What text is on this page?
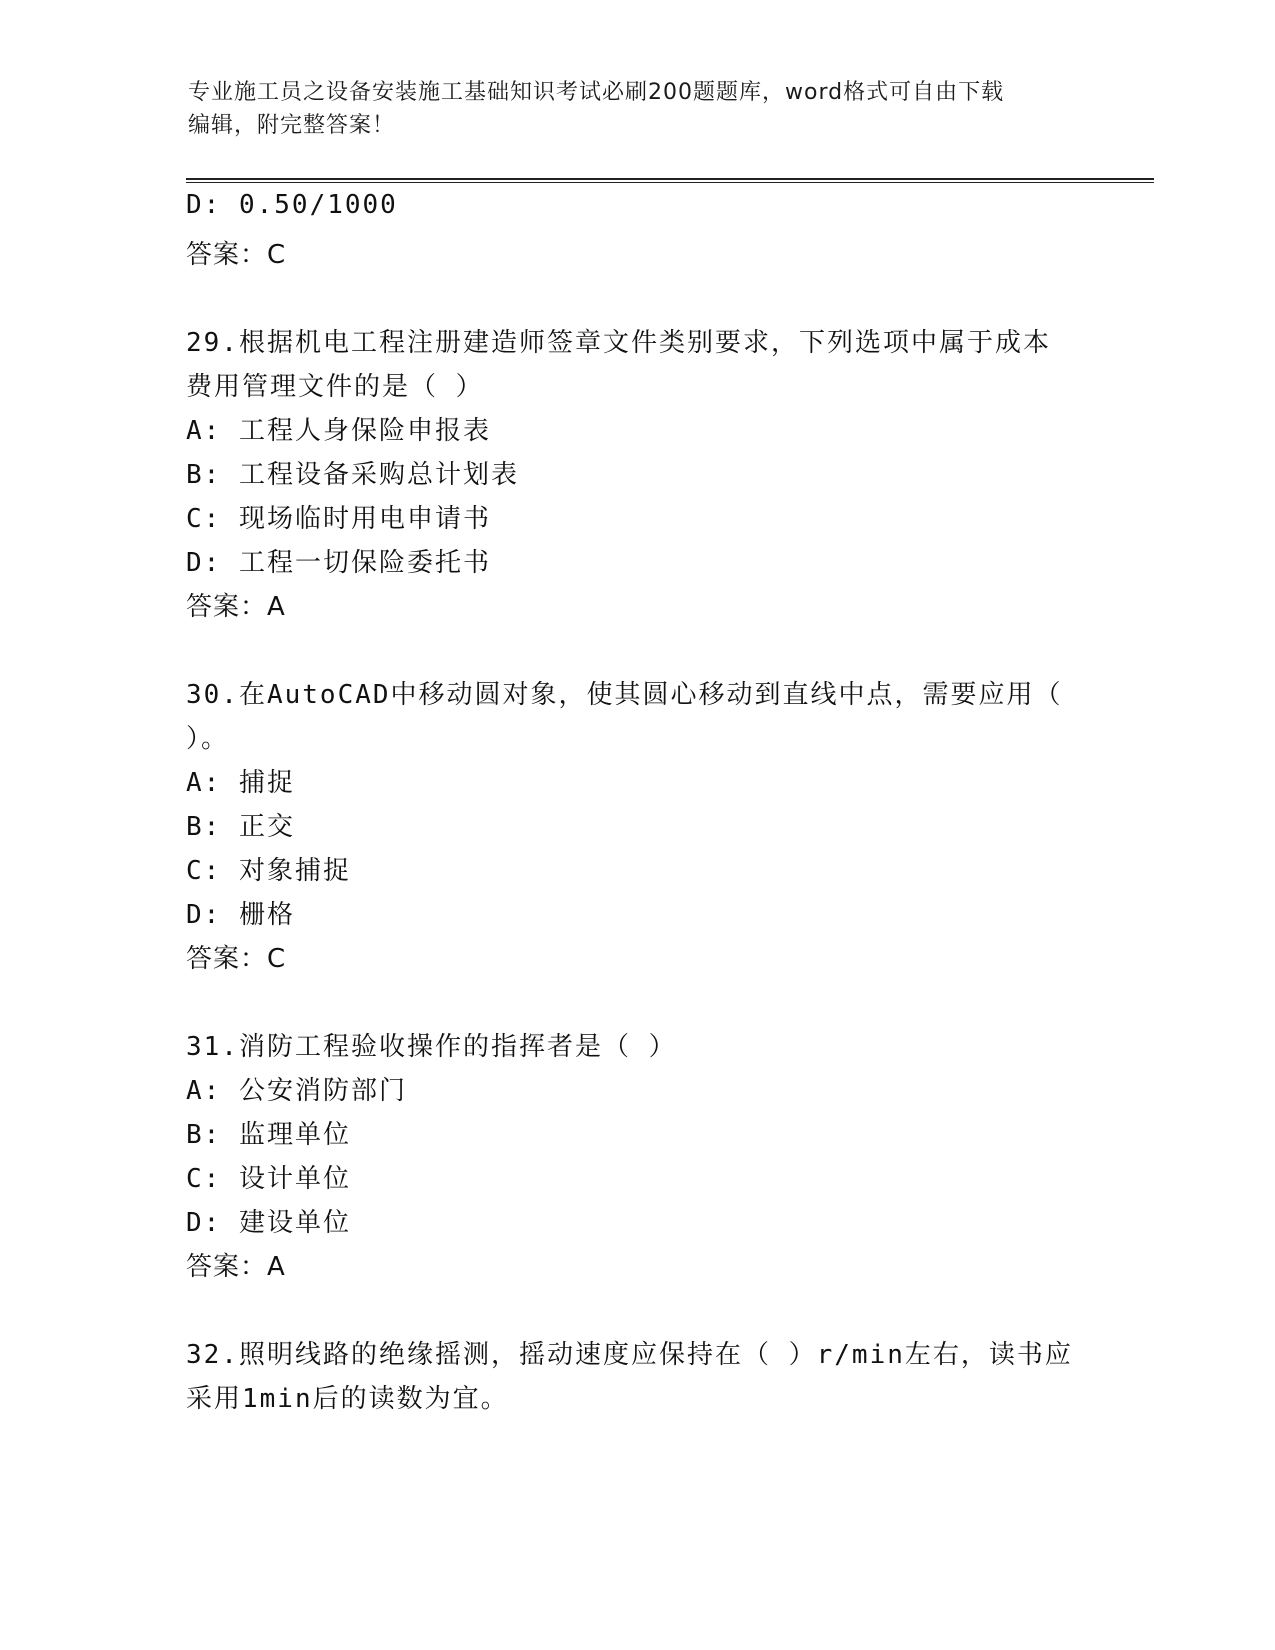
专业施工员之设备安装施工基础知识考试必刷200题题库，word格式可自由下载
编辑，附完整答案！
D: 0.50/1000
答案：C
29.根据机电工程注册建造师签章文件类别要求，下列选项中属于成本
费用管理文件的是（ ）
A: 工程人身保险申报表
B: 工程设备采购总计划表
C: 现场临时用电申请书
D: 工程一切保险委托书
答案：A
30.在AutoCAD中移动圆对象，使其圆心移动到直线中点，需要应用（
）。
A: 捕捉
B: 正交
C: 对象捕捉
D: 栅格
答案：C
31.消防工程验收操作的指挥者是（ ）
A: 公安消防部门
B: 监理单位
C: 设计单位
D: 建设单位
答案：A
32.照明线路的绝缘摇测，摇动速度应保持在（ ）r/min左右，读书应
采用1min后的读数为宜。
